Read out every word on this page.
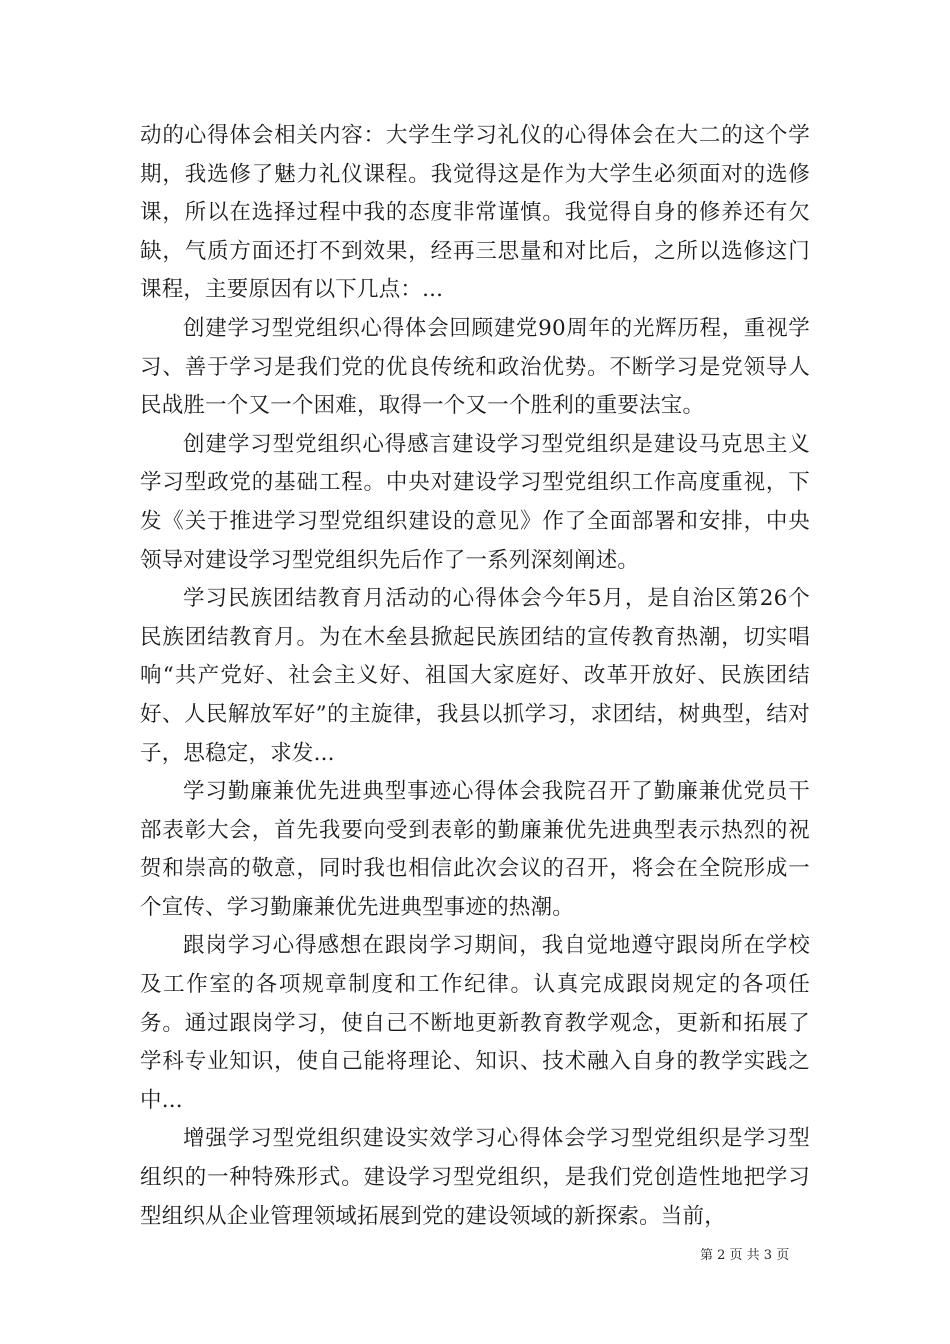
动的心得体会相关内容：大学生学习礼仪的心得体会在大二的这个学期，我选修了魅力礼仪课程。我觉得这是作为大学生必须面对的选修课，所以在选择过程中我的态度非常谨慎。我觉得自身的修养还有欠缺，气质方面还打不到效果，经再三思量和对比后，之所以选修这门课程，主要原因有以下几点：...

创建学习型党组织心得体会回顾建党90周年的光辉历程，重视学习、善于学习是我们党的优良传统和政治优势。不断学习是党领导人民战胜一个又一个困难，取得一个又一个胜利的重要法宝。

创建学习型党组织心得感言建设学习型党组织是建设马克思主义学习型政党的基础工程。中央对建设学习型党组织工作高度重视，下发《关于推进学习型党组织建设的意见》作了全面部署和安排，中央领导对建设学习型党组织先后作了一系列深刻阐述。

学习民族团结教育月活动的心得体会今年5月，是自治区第26个民族团结教育月。为在木垒县掀起民族团结的宣传教育热潮，切实唱响“共产党好、社会主义好、祖国大家庭好、改革开放好、民族团结好、人民解放军好”的主旋律，我县以抓学习，求团结，树典型，结对子，思稳定，求发...

学习勤廉兼优先进典型事迹心得体会我院召开了勤廉兼优党员干部表彰大会，首先我要向受到表彰的勤廉兼优先进典型表示热烈的祝贺和崇高的敬意，同时我也相信此次会议的召开，将会在全院形成一个宣传、学习勤廉兼优先进典型事迹的热潮。

跟岗学习心得感想在跟岗学习期间，我自觉地遵守跟岗所在学校及工作室的各项规章制度和工作纪律。认真完成跟岗规定的各项任务。通过跟岗学习，使自己不断地更新教育教学观念，更新和拓展了学科专业知识，使自己能将理论、知识、技术融入自身的教学实践之中...

增强学习型党组织建设实效学习心得体会学习型党组织是学习型组织的一种特殊形式。建设学习型党组织，是我们党创造性地把学习型组织从企业管理领域拓展到党的建设领域的新探索。当前，

第 2 页 共 3 页
